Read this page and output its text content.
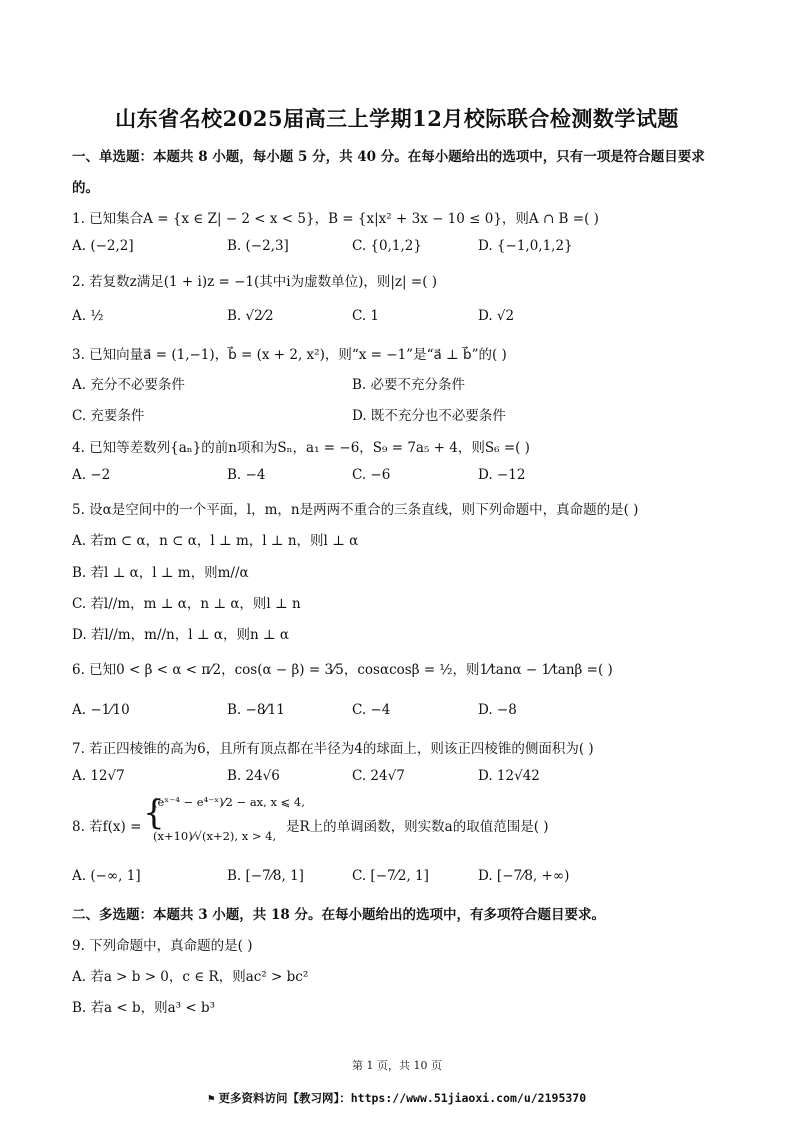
山东省名校2025届高三上学期12月校际联合检测数学试题
一、单选题：本题共 8 小题，每小题 5 分，共 40 分。在每小题给出的选项中，只有一项是符合题目要求
的。
1. 已知集合A = {x ∈ Z| − 2 < x < 5}，B = {x|x² + 3x − 10 ≤ 0}，则A ∩ B =( )
A. (−2,2]	B. (−2,3]	C. {0,1,2}	D. {−1,0,1,2}
2. 若复数z满足(1 + i)z = −1(其中i为虚数单位)，则|z| =( )
A. ½	B. √2⁄2	C. 1	D. √2
3. 已知向量a⃗ = (1,−1)，b⃗ = (x + 2, x²)，则“x = −1”是“a⃗ ⊥ b⃗”的( )
A. 充分不必要条件	B. 必要不充分条件
C. 充要条件	D. 既不充分也不必要条件
4. 已知等差数列{aₙ}的前n项和为Sₙ，a₁ = −6，S₉ = 7a₅ + 4，则S₆ =( )
A. −2	B. −4	C. −6	D. −12
5. 设α是空间中的一个平面，l，m，n是两两不重合的三条直线，则下列命题中，真命题的是( )
A. 若m ⊂ α，n ⊂ α，l ⊥ m，l ⊥ n，则l ⊥ α
B. 若l ⊥ α，l ⊥ m，则m//α
C. 若l//m，m ⊥ α，n ⊥ α，则l ⊥ n
D. 若l//m，m//n，l ⊥ α，则n ⊥ α
6. 已知0 < β < α < π⁄2，cos(α − β) = 3⁄5，cosαcosβ = ½，则1⁄tanα − 1⁄tanβ =( )
A. −1⁄10	B. −8⁄11	C. −4	D. −8
7. 若正四棱锥的高为6，且所有顶点都在半径为4的球面上，则该正四棱锥的侧面积为( )
A. 12√7	B. 24√6	C. 24√7	D. 12√42
8. 若f(x) = {
(eˣ⁻⁴ − e⁴⁻ˣ)⁄2 − ax, x ⩽ 4,
(x+10)⁄√(x+2), x > 4,
是R上的单调函数，则实数a的取值范围是( )
A. (−∞, 1]	B. [−7⁄8, 1]	C. [−7⁄2, 1]	D. [−7⁄8, +∞)
二、多选题：本题共 3 小题，共 18 分。在每小题给出的选项中，有多项符合题目要求。
9. 下列命题中，真命题的是( )
A. 若a > b > 0，c ∈ R，则ac² > bc²
B. 若a < b，则a³ < b³
第 1 页，共 10 页
⚑ 更多资料访问【教习网】：https://www.51jiaoxi.com/u/2195370
